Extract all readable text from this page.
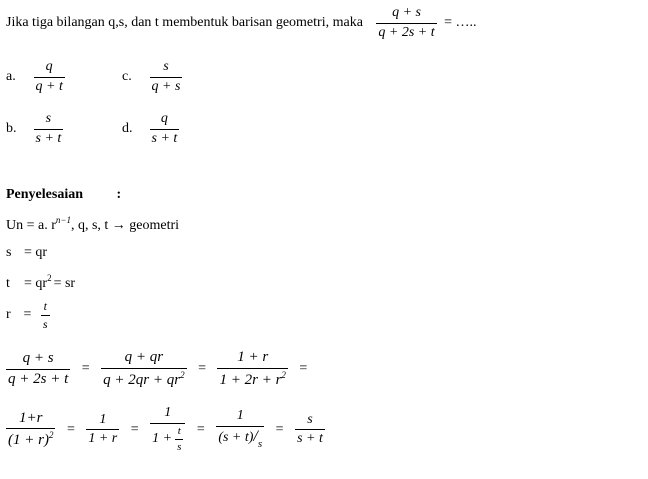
Jika tiga bilangan q,s, dan t membentuk barisan geometri, maka $\frac{q + s}{q + 2s + t}$ = …..
a. $\frac{q}{q + t}$	c. $\frac{s}{q + s}$
b. $\frac{s}{s + t}$	d. $\frac{q}{s + t}$
Penyelesaian :
Un = a. $r^{n-1}$, q, s, t → geometri
s = qr
$t = qr^2$ = sr
$r = \frac{t}{s}$
$\frac{q + s}{q + 2s + t} = \frac{q + qr}{q + 2qr + qr^2} = \frac{1 + r}{1 + 2r + r^2}$ =
$\frac{1+r}{(1 + r)^2} = \frac{1}{1 + r} = \frac{1}{1 + \frac{t}{s}} = \frac{1}{(s + t)/_s} = \frac{s}{s + t}$
